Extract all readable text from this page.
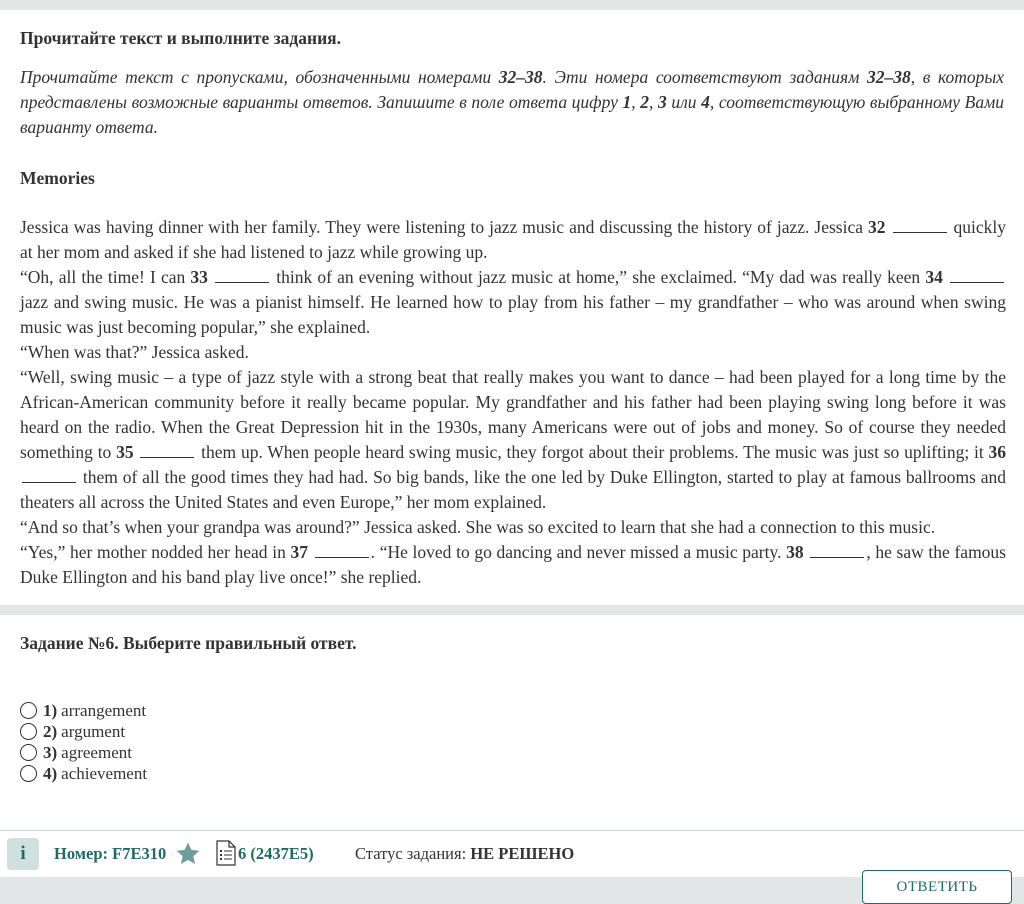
Прочитайте текст и выполните задания.
Прочитайте текст с пропусками, обозначенными номерами 32–38. Эти номера соответствуют заданиям 32–38, в которых представлены возможные варианты ответов. Запишите в поле ответа цифру 1, 2, 3 или 4, соответствующую выбранному Вами варианту ответа.
Memories

Jessica was having dinner with her family. They were listening to jazz music and discussing the history of jazz. Jessica 32	quickly at her mom and asked if she had listened to jazz while growing up.

“Oh, all the time! I can 33	think of an evening without jazz music at home,” she exclaimed. “My dad was really keen 34  jazz and swing music. He was a pianist himself. He learned how to play from his father – my grandfather – who was around when swing music was just becoming popular,” she explained.

“When was that?” Jessica asked.

“Well, swing music – a type of jazz style with a strong beat that really makes you want to dance – had been played for a long time by the African-American community before it really became popular. My grandfather and his father had been playing swing long before it was heard on the radio. When the Great Depression hit in the 1930s, many Americans were out of jobs and money. So of course they needed something to 35	them up. When people heard swing music, they forgot about their problems. The music was just so uplifting; it 36  them of all the good times they had had. So big bands, like the one led by Duke Ellington, started to play at famous ballrooms and theaters all across the United States and even Europe,” her mom explained.

“And so that’s when your grandpa was around?” Jessica asked. She was so excited to learn that she had a connection to this music.

“Yes,” her mother nodded her head in 37	. “He loved to go dancing and never missed a music party. 38	, he saw the famous Duke Ellington and his band play live once!” she replied.

Задание №6. Выберите правильный ответ.
1) arrangement
2) argument
3) agreement
4) achievement
i	Номер: F7E310	6 (2437E5)	Статус задания: НЕ РЕШЕНО
ОТВЕТИТЬ
